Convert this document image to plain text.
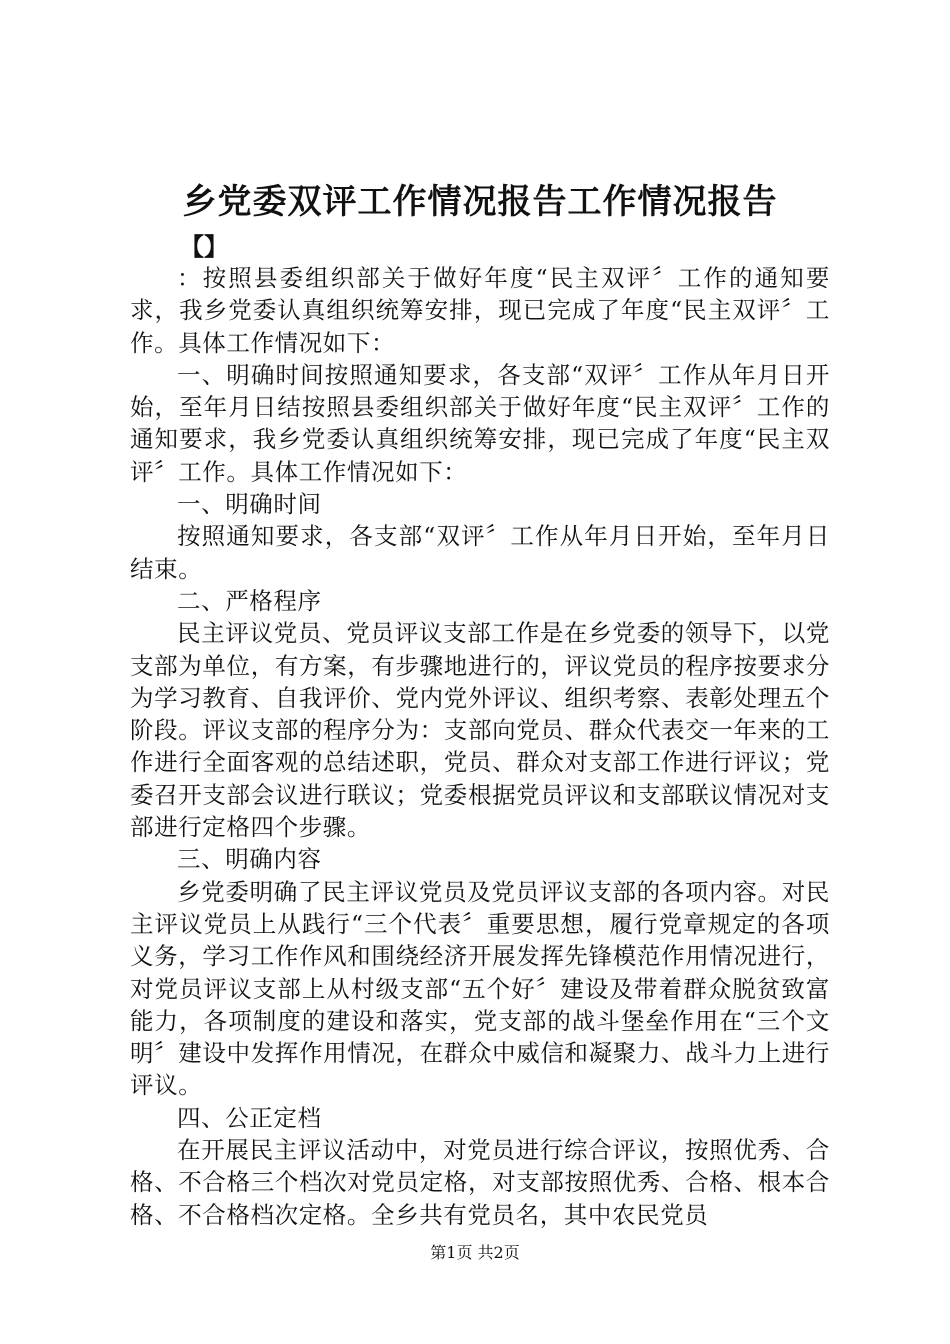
乡党委双评工作情况报告工作情况报告
【】

：按照县委组织部关于做好年度“民主双评〞工作的通知要求，我乡党委认真组织统筹安排，现已完成了年度“民主双评〞工作。具体工作情况如下：

一、明确时间按照通知要求，各支部“双评〞工作从年月日开始，至年月日结按照县委组织部关于做好年度“民主双评〞工作的通知要求，我乡党委认真组织统筹安排，现已完成了年度“民主双评〞工作。具体工作情况如下：

一、明确时间

按照通知要求，各支部“双评〞工作从年月日开始，至年月日结束。

二、严格程序

民主评议党员、党员评议支部工作是在乡党委的领导下，以党支部为单位，有方案，有步骤地进行的，评议党员的程序按要求分为学习教育、自我评价、党内党外评议、组织考察、表彰处理五个阶段。评议支部的程序分为：支部向党员、群众代表交一年来的工作进行全面客观的总结述职，党员、群众对支部工作进行评议；党委召开支部会议进行联议；党委根据党员评议和支部联议情况对支部进行定格四个步骤。

三、明确内容

乡党委明确了民主评议党员及党员评议支部的各项内容。对民主评议党员上从践行“三个代表〞重要思想，履行党章规定的各项义务，学习工作作风和围绕经济开展发挥先锋模范作用情况进行，对党员评议支部上从村级支部“五个好〞建设及带着群众脱贫致富能力，各项制度的建设和落实，党支部的战斗堡垒作用在“三个文明〞建设中发挥作用情况，在群众中威信和凝聚力、战斗力上进行评议。

四、公正定档

在开展民主评议活动中，对党员进行综合评议，按照优秀、合格、不合格三个档次对党员定格，对支部按照优秀、合格、根本合格、不合格档次定格。全乡共有党员名，其中农民党员

第1页 共2页
